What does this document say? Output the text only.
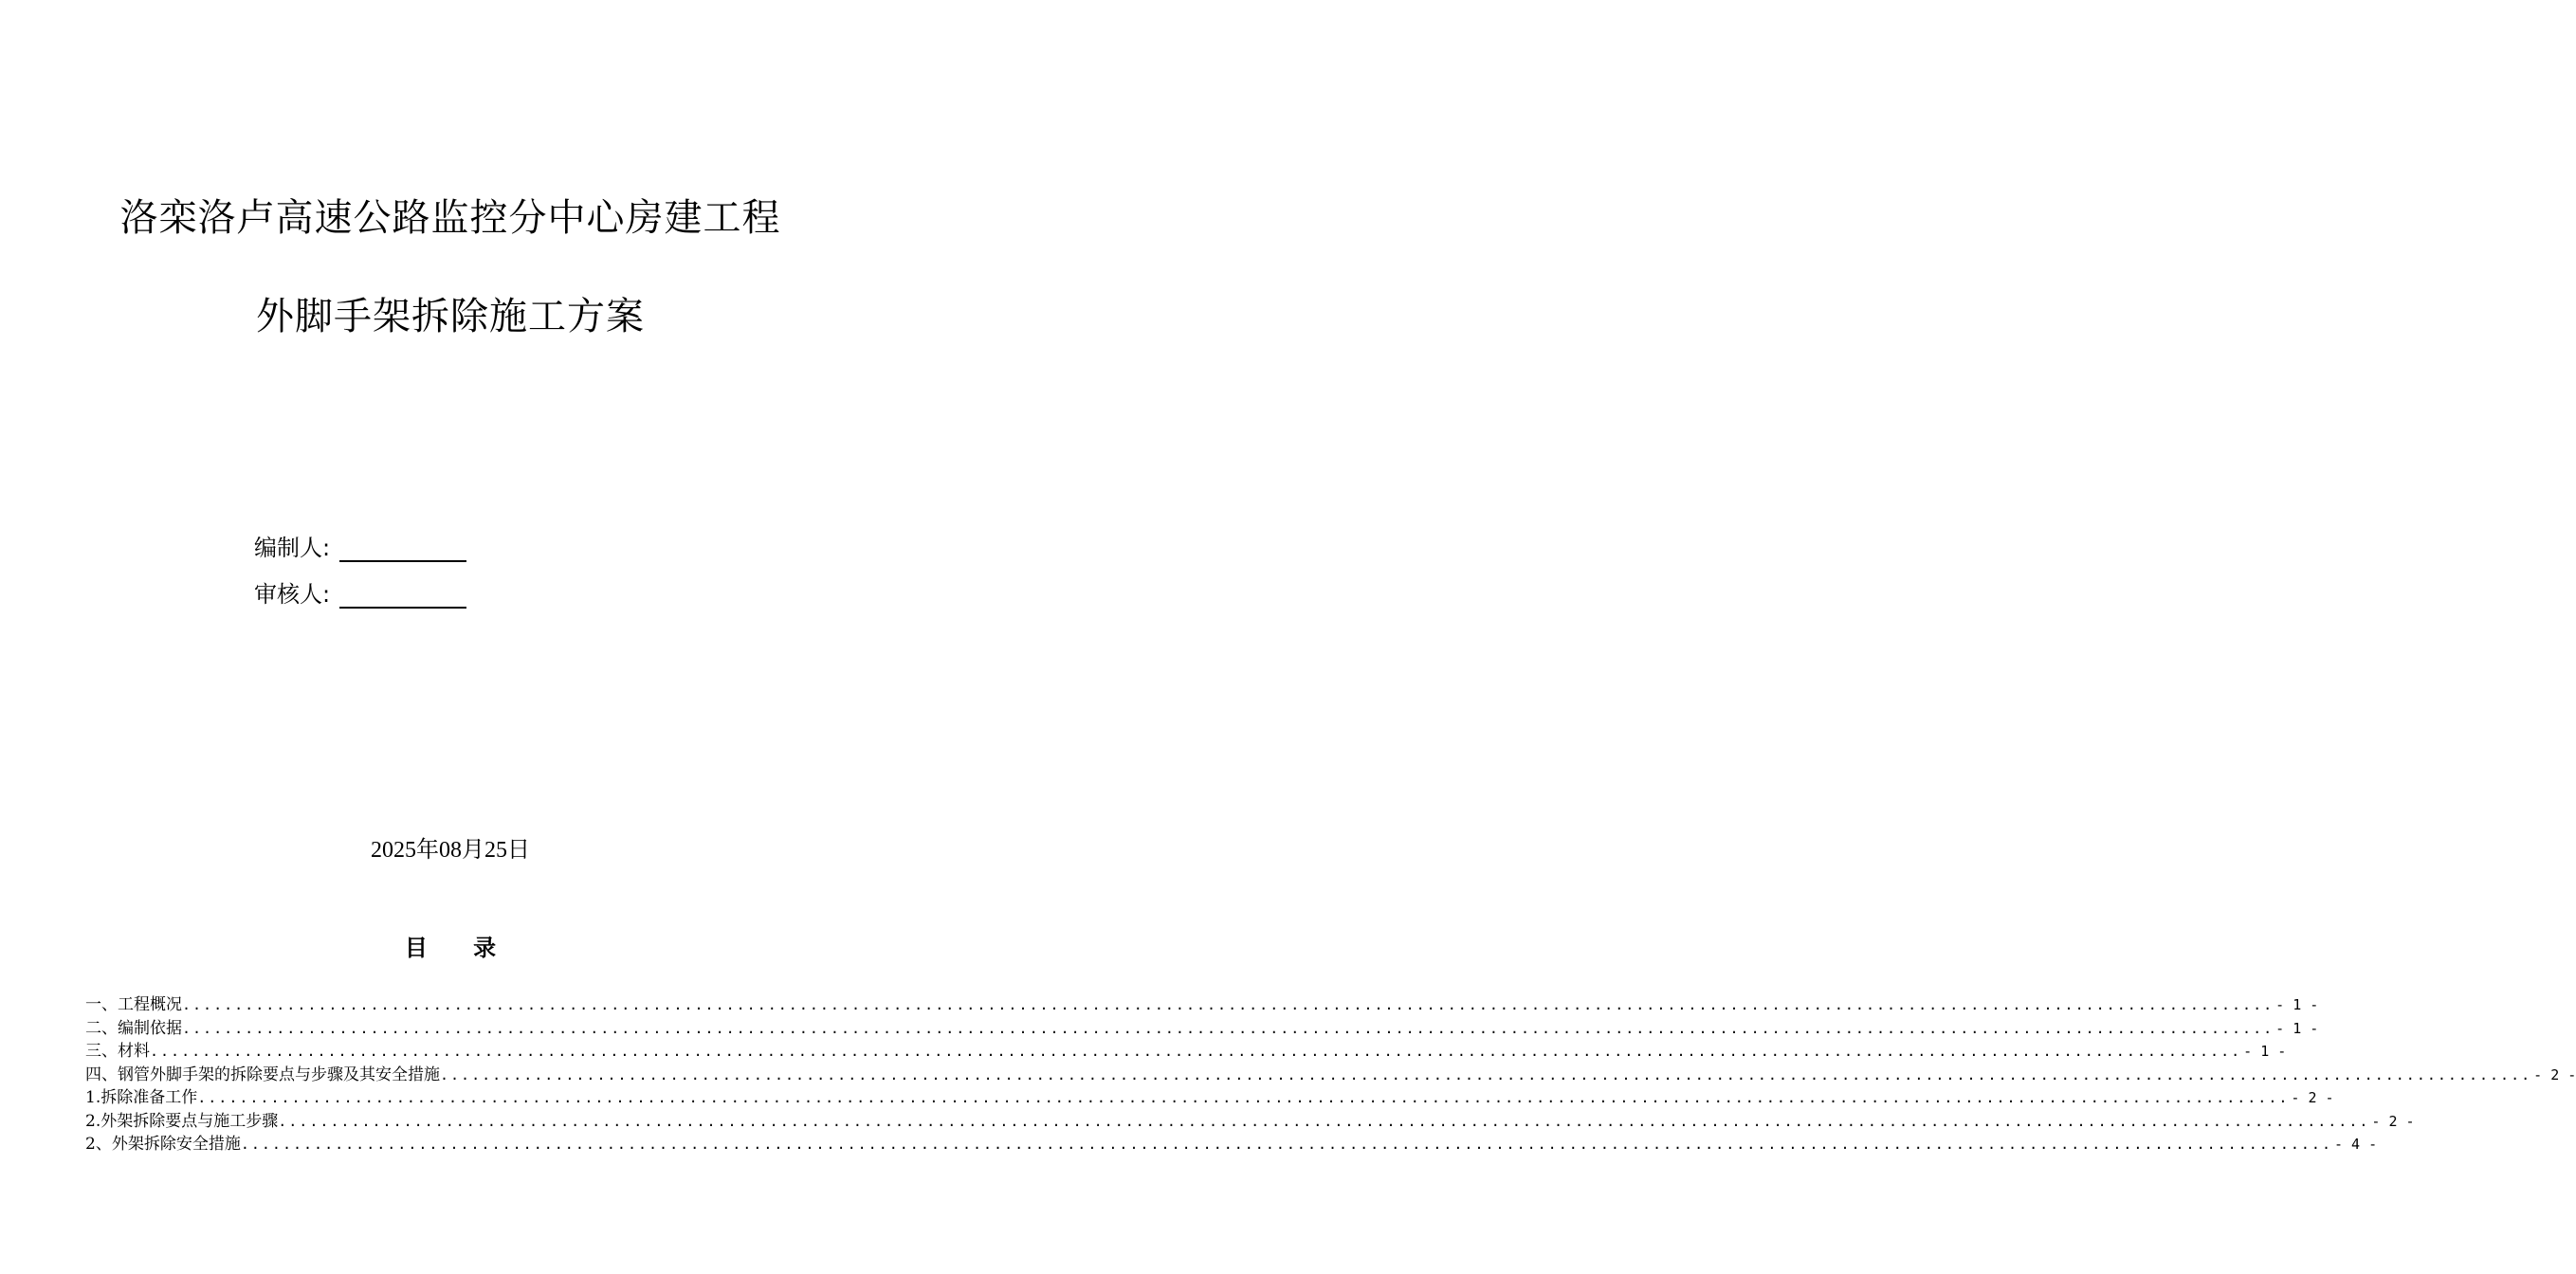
洛栾洛卢高速公路监控分中心房建工程
外脚手架拆除施工方案
编制人:
审核人:
2025年08月25日
目 录
一、工程概况 ........................................................................................................................................................................................................ - 1 -
二、编制依据 ........................................................................................................................................................................................................ - 1 -
三、材料 ........................................................................................................................................................................................................ - 1 -
四、钢管外脚手架的拆除要点与步骤及其安全措施 ........................................................................................................................................................................................................ - 2 -
1.拆除准备工作 ........................................................................................................................................................................................................ - 2 -
2.外架拆除要点与施工步骤 ........................................................................................................................................................................................................ - 2 -
2、外架拆除安全措施 ........................................................................................................................................................................................................ - 4 -
